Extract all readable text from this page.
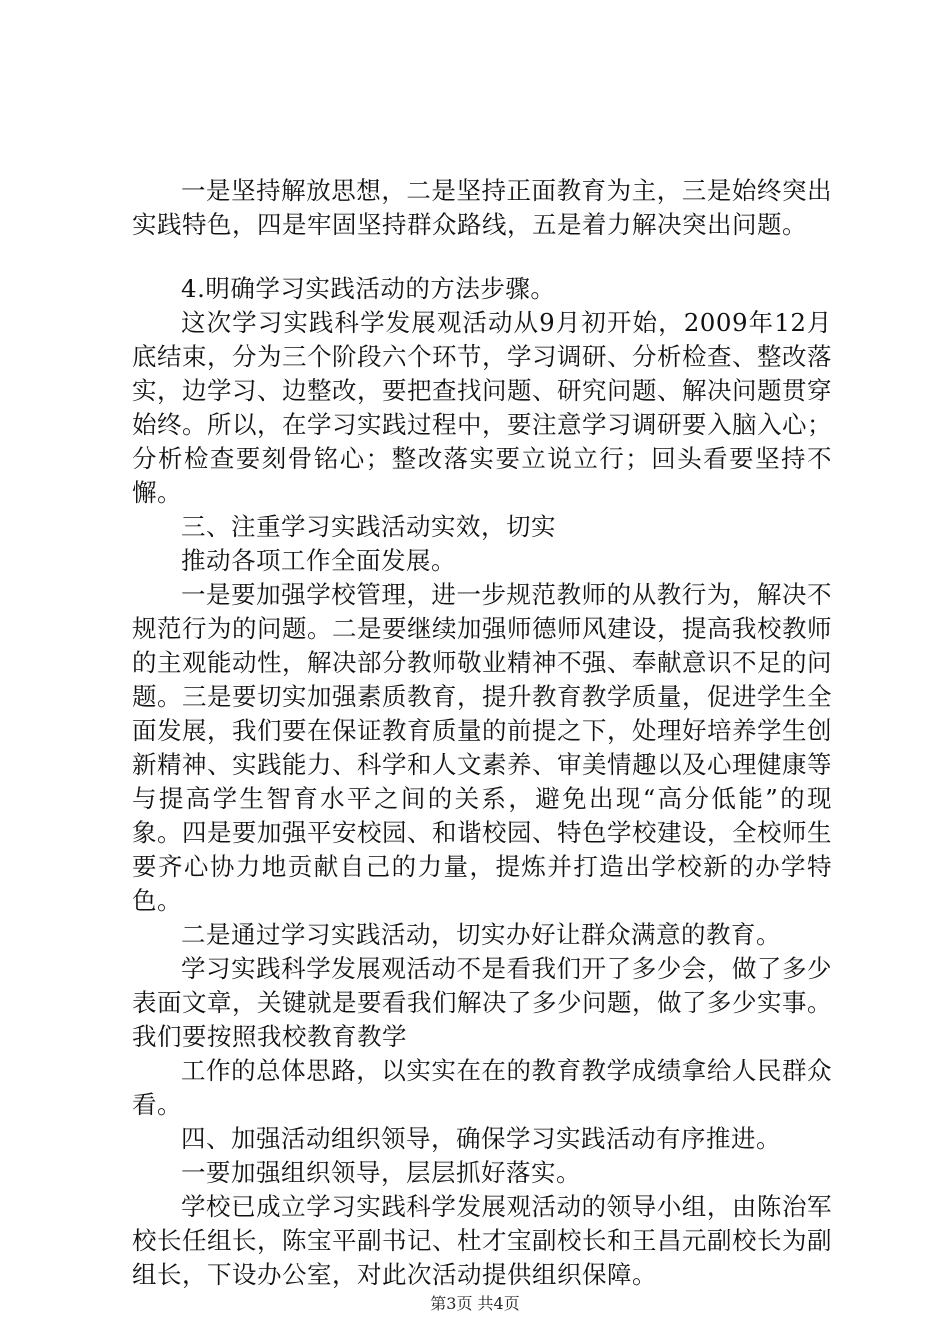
一是坚持解放思想，二是坚持正面教育为主，三是始终突出实践特色，四是牢固坚持群众路线，五是着力解决突出问题。

4.明确学习实践活动的方法步骤。

这次学习实践科学发展观活动从9月初开始，2009年12月底结束，分为三个阶段六个环节，学习调研、分析检查、整改落实，边学习、边整改，要把查找问题、研究问题、解决问题贯穿始终。所以，在学习实践过程中，要注意学习调研要入脑入心；分析检查要刻骨铭心；整改落实要立说立行；回头看要坚持不懈。

三、注重学习实践活动实效，切实

推动各项工作全面发展。

一是要加强学校管理，进一步规范教师的从教行为，解决不规范行为的问题。二是要继续加强师德师风建设，提高我校教师的主观能动性，解决部分教师敬业精神不强、奉献意识不足的问题。三是要切实加强素质教育，提升教育教学质量，促进学生全面发展，我们要在保证教育质量的前提之下，处理好培养学生创新精神、实践能力、科学和人文素养、审美情趣以及心理健康等与提高学生智育水平之间的关系，避免出现“高分低能”的现象。四是要加强平安校园、和谐校园、特色学校建设，全校师生要齐心协力地贡献自己的力量，提炼并打造出学校新的办学特色。

二是通过学习实践活动，切实办好让群众满意的教育。

学习实践科学发展观活动不是看我们开了多少会，做了多少表面文章，关键就是要看我们解决了多少问题，做了多少实事。我们要按照我校教育教学

工作的总体思路，以实实在在的教育教学成绩拿给人民群众看。

四、加强活动组织领导，确保学习实践活动有序推进。

一要加强组织领导，层层抓好落实。

学校已成立学习实践科学发展观活动的领导小组，由陈治军校长任组长，陈宝平副书记、杜才宝副校长和王昌元副校长为副组长，下设办公室，对此次活动提供组织保障。

第3页 共4页
